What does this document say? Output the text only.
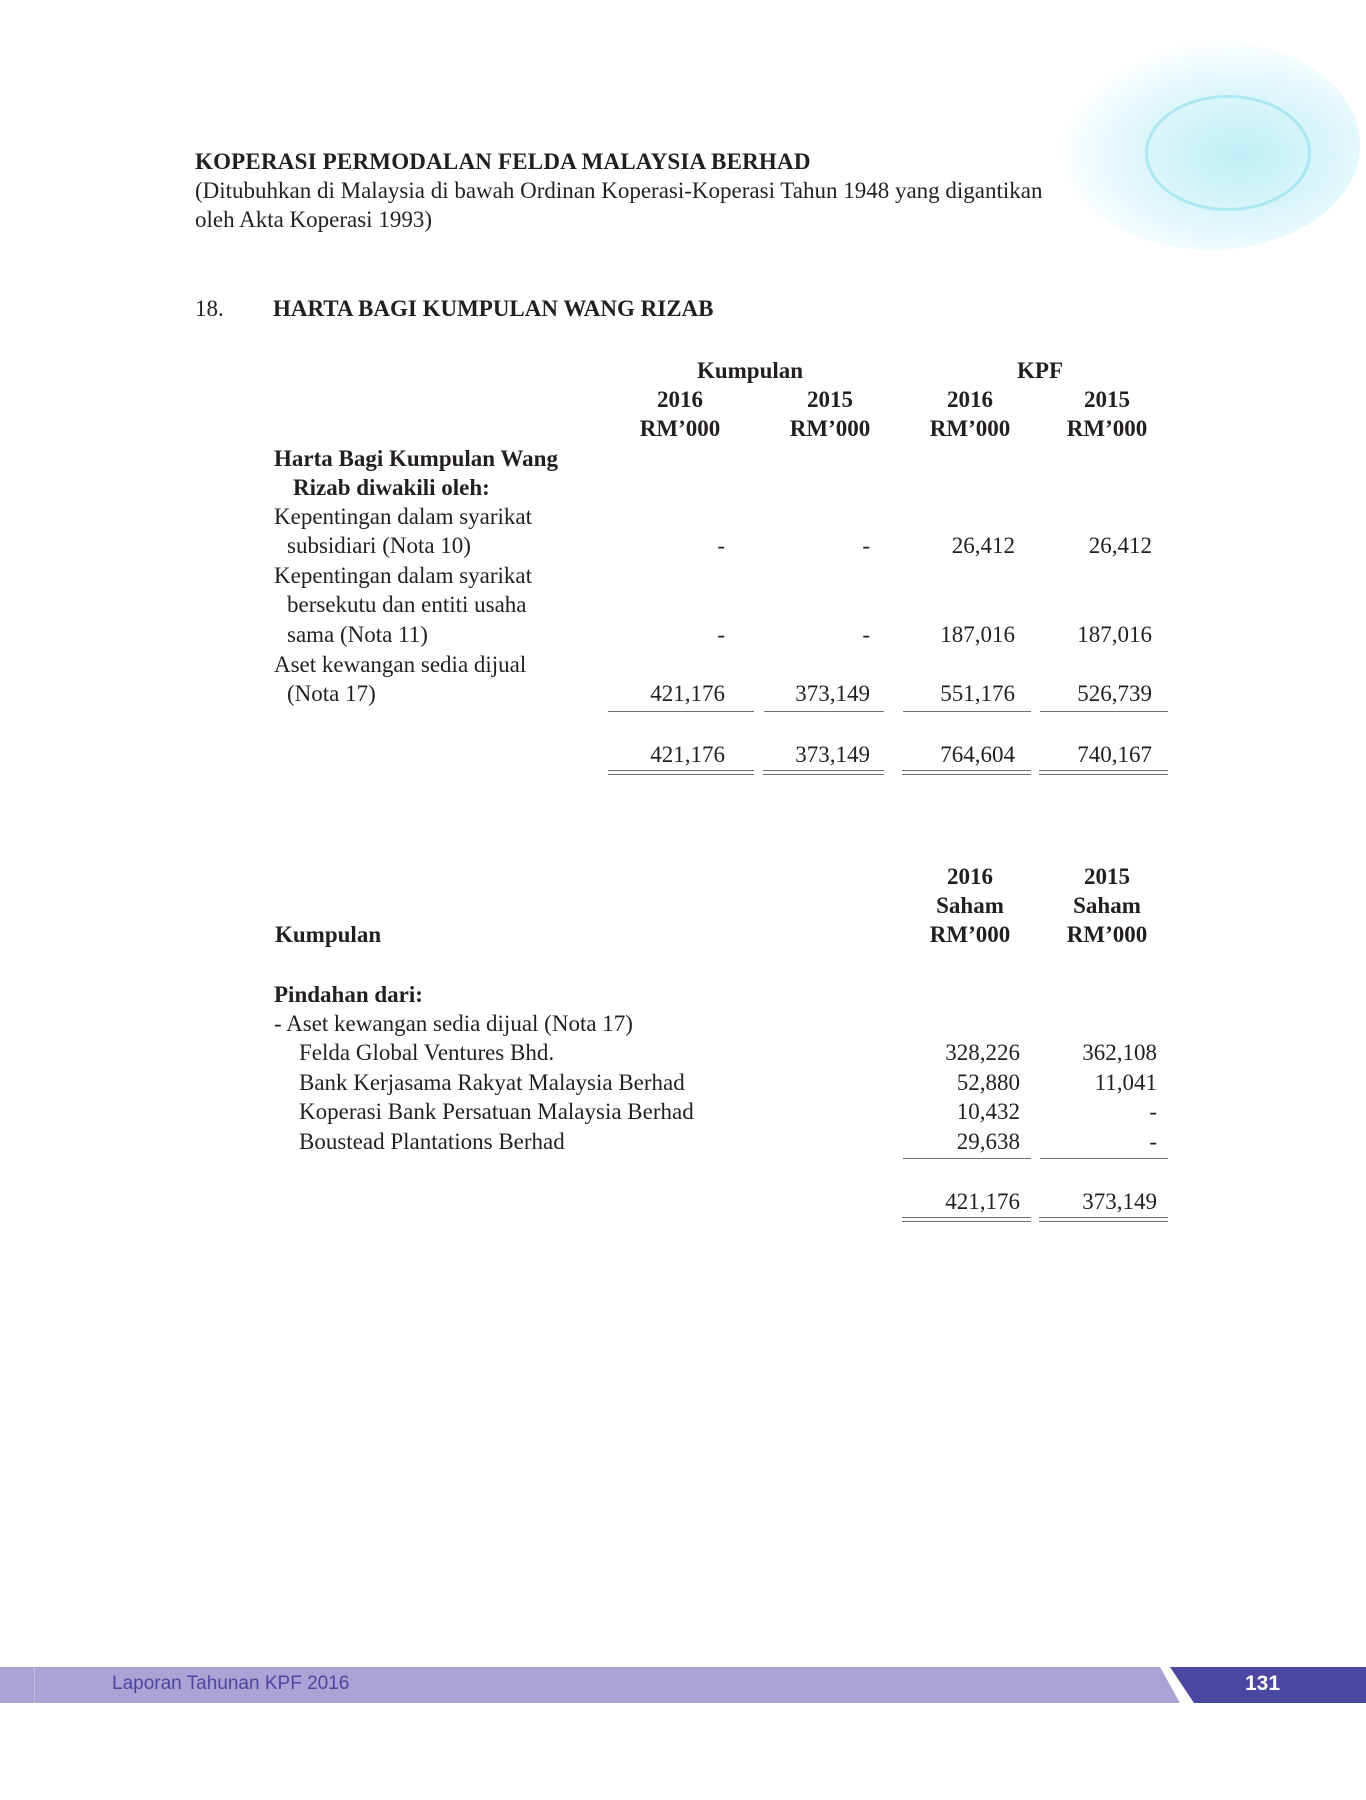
KOPERASI PERMODALAN FELDA MALAYSIA BERHAD
(Ditubuhkan di Malaysia di bawah Ordinan Koperasi-Koperasi Tahun 1948 yang digantikan
oleh Akta Koperasi 1993)
18. HARTA BAGI KUMPULAN WANG RIZAB
Kumpulan	KPF
2016	2015	2016	2015
RM’000	RM’000	RM’000	RM’000
Harta Bagi Kumpulan Wang
Rizab diwakili oleh:
Kepentingan dalam syarikat
subsidiari (Nota 10)	-	-	26,412	26,412
Kepentingan dalam syarikat
bersekutu dan entiti usaha
sama (Nota 11)	-	-	187,016	187,016
Aset kewangan sedia dijual
(Nota 17)	421,176	373,149	551,176	526,739
421,176	373,149	764,604	740,167
2016	2015
Saham	Saham
RM’000	RM’000
Kumpulan
Pindahan dari:
- Aset kewangan sedia dijual (Nota 17)
Felda Global Ventures Bhd.	328,226	362,108
Bank Kerjasama Rakyat Malaysia Berhad	52,880	11,041
Koperasi Bank Persatuan Malaysia Berhad	10,432	-
Boustead Plantations Berhad	29,638	-
421,176	373,149
Laporan Tahunan KPF 2016	131
